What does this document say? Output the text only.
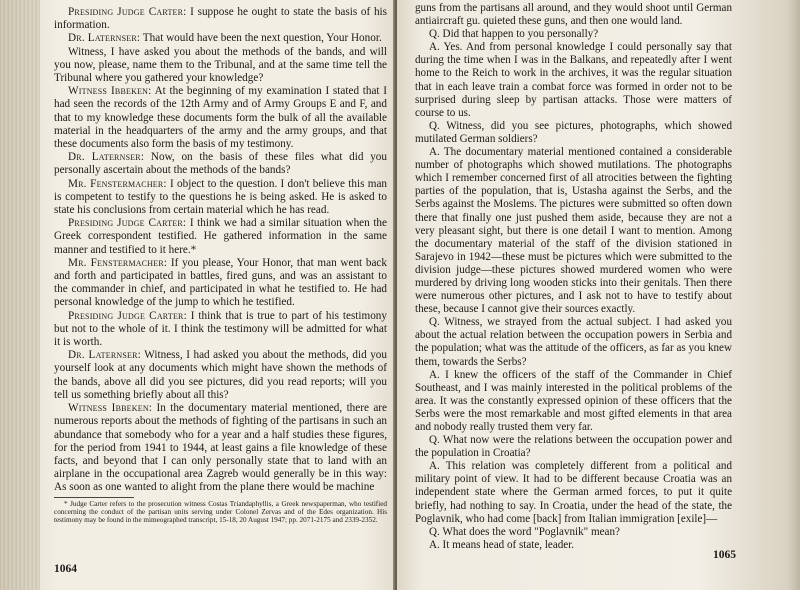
Presiding Judge Carter: I suppose he ought to state the basis of his information.

Dr. Laternser: That would have been the next question, Your Honor.

Witness, I have asked you about the methods of the bands, and will you now, please, name them to the Tribunal, and at the same time tell the Tribunal where you gathered your knowledge?

Witness Ibbeken: At the beginning of my examination I stated that I had seen the records of the 12th Army and of Army Groups E and F, and that to my knowledge these documents form the bulk of all the available material in the headquarters of the army and the army groups, and that these documents also form the basis of my testimony.

Dr. Laternser: Now, on the basis of these files what did you personally ascertain about the methods of the bands?

Mr. Fenstermacher: I object to the question. I don't believe this man is competent to testify to the questions he is being asked. He is asked to state his conclusions from certain material which he has read.

Presiding Judge Carter: I think we had a similar situation when the Greek correspondent testified. He gathered information in the same manner and testified to it here.*

Mr. Fenstermacher: If you please, Your Honor, that man went back and forth and participated in battles, fired guns, and was an assistant to the commander in chief, and participated in what he testified to. He had personal knowledge of the jump to which he testified.

Presiding Judge Carter: I think that is true to part of his testimony but not to the whole of it. I think the testimony will be admitted for what it is worth.

Dr. Laternser: Witness, I had asked you about the methods, did you yourself look at any documents which might have shown the methods of the bands, above all did you see pictures, did you read reports; will you tell us something briefly about all this?

Witness Ibbeken: In the documentary material mentioned, there are numerous reports about the methods of fighting of the partisans in such an abundance that somebody who for a year and a half studies these figures, for the period from 1941 to 1944, at least gains a file knowledge of these facts, and beyond that I can only personally state that to land with an airplane in the occupational area Zagreb would generally be in this way: As soon as one wanted to alight from the plane there would be machine

* Judge Carter refers to the prosecution witness Costas Triandaphyllis, a Greek newspaperman, who testified concerning the conduct of the partisan units serving under Colonel Zervas and of the Edes organization. His testimony may be found in the mimeographed transcript, 15-18, 20 August 1947; pp. 2071-2175 and 2339-2352.

1064

guns from the partisans all around, and they would shoot until German antiaircraft gu. quieted these guns, and then one would land.

Q. Did that happen to you personally?

A. Yes. And from personal knowledge I could personally say that during the time when I was in the Balkans, and repeatedly after I went home to the Reich to work in the archives, it was the regular situation that in each leave train a combat force was formed in order not to be surprised during sleep by partisan attacks. Those were matters of course to us.

Q. Witness, did you see pictures, photographs, which showed mutilated German soldiers?

A. The documentary material mentioned contained a considerable number of photographs which showed mutilations. The photographs which I remember concerned first of all atrocities between the fighting parties of the population, that is, Ustasha against the Serbs, and the Serbs against the Moslems. The pictures were submitted so often down there that finally one just pushed them aside, because they are not a very pleasant sight, but there is one detail I want to mention. Among the documentary material of the staff of the division stationed in Sarajevo in 1942—these must be pictures which were submitted to the division judge—these pictures showed murdered women who were murdered by driving long wooden sticks into their genitals. Then there were numerous other pictures, and I ask not to have to testify about these, because I cannot give their sources exactly.

Q. Witness, we strayed from the actual subject. I had asked you about the actual relation between the occupation powers in Serbia and the population; what was the attitude of the officers, as far as you knew them, towards the Serbs?

A. I knew the officers of the staff of the Commander in Chief Southeast, and I was mainly interested in the political problems of the area. It was the constantly expressed opinion of these officers that the Serbs were the most remarkable and most gifted elements in that area and nobody really trusted them very far.

Q. What now were the relations between the occupation power and the population in Croatia?

A. This relation was completely different from a political and military point of view. It had to be different because Croatia was an independent state where the German armed forces, to put it quite briefly, had nothing to say. In Croatia, under the head of the state, the Poglavnik, who had come [back] from Italian immigration [exile]—

Q. What does the word "Poglavnik" mean?

A. It means head of state, leader.

1065
